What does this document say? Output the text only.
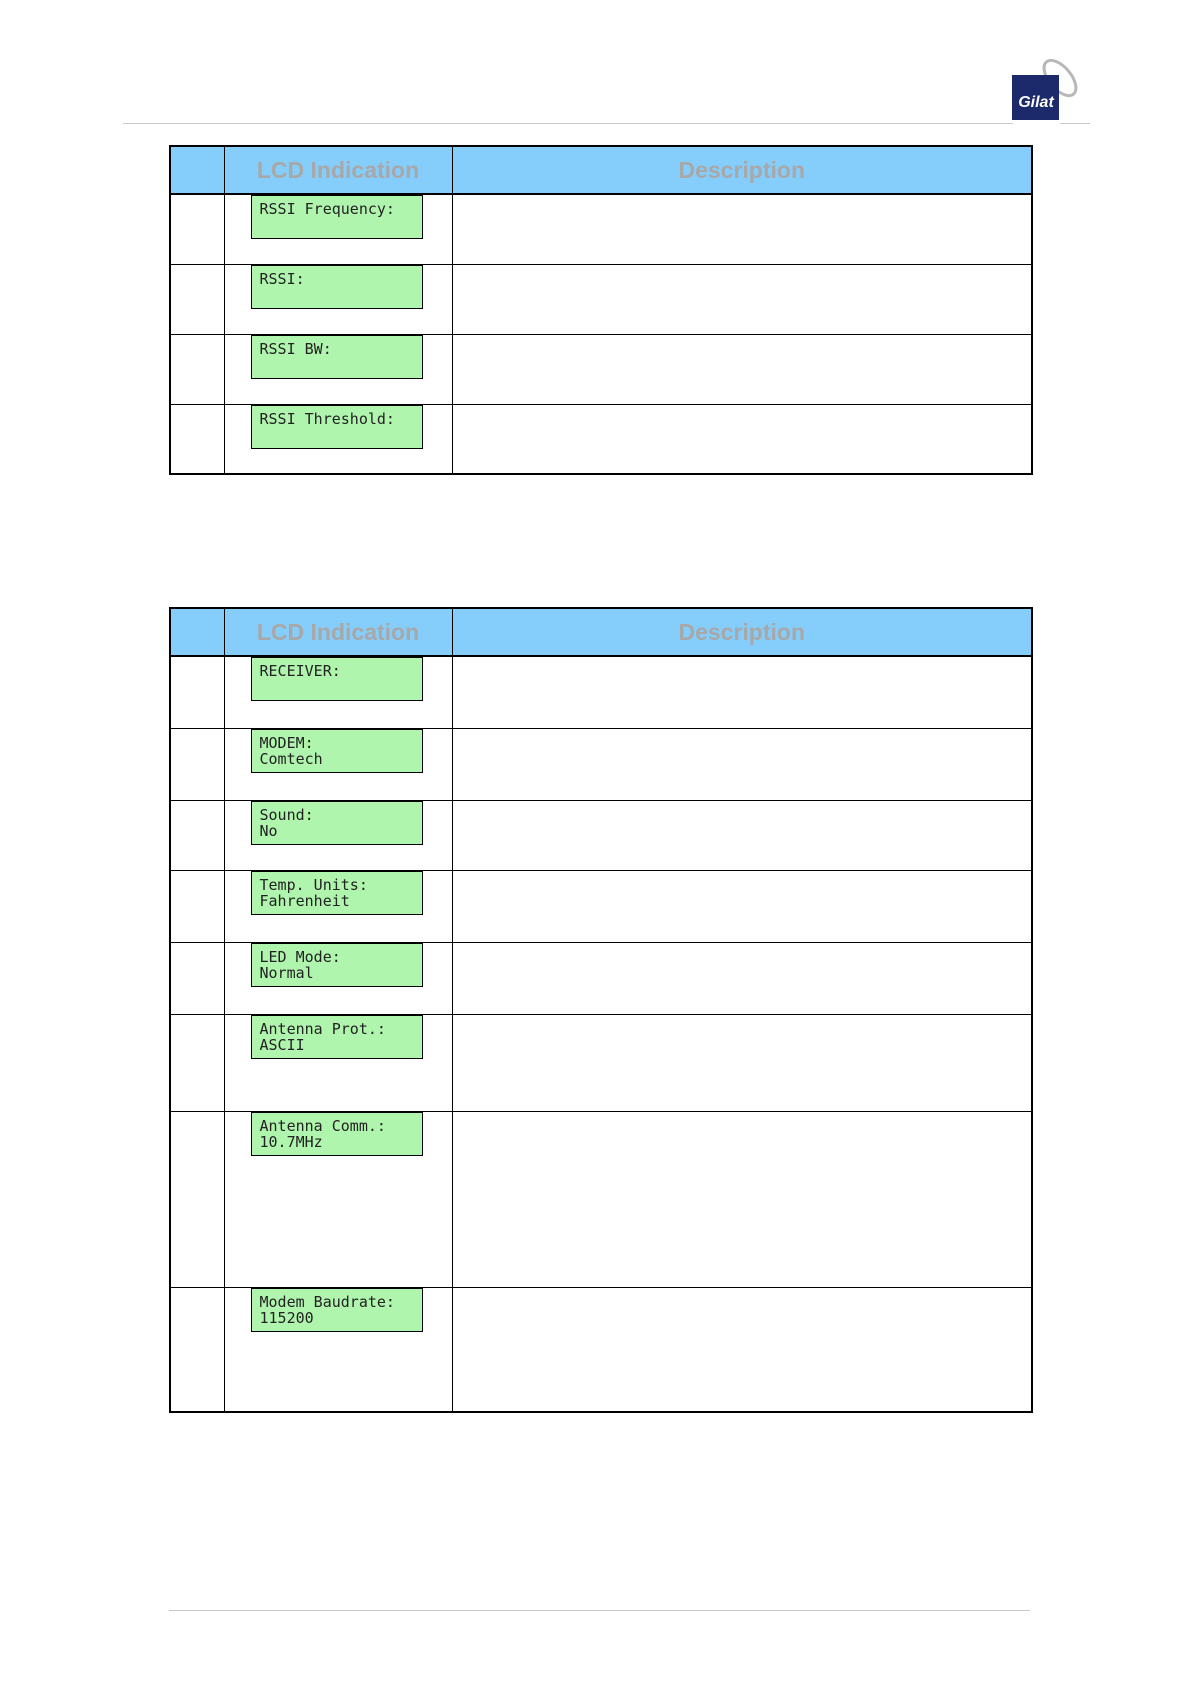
Gilat
	LCD Indication	Description

	RSSI Frequency:	

	RSSI:	

	RSSI BW:	

	RSSI Threshold:	

	LCD Indication	Description

	RECEIVER:	

	MODEM:
Comtech	

	Sound:
No	

	Temp. Units:
Fahrenheit	

	LED Mode:
Normal	

	Antenna Prot.:
ASCII	

	Antenna Comm.:
10.7MHz	

	Modem Baudrate:
115200	
